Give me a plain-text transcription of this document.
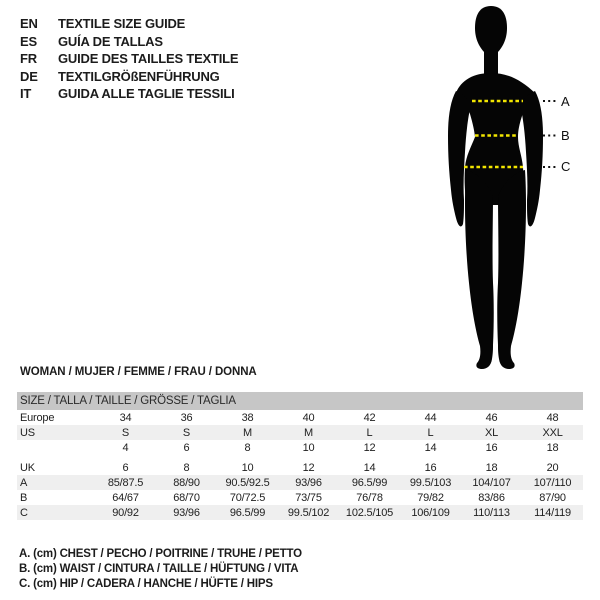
EN	TEXTILE SIZE GUIDE
ES	GUÍA DE TALLAS
FR	GUIDE DES TAILLES TEXTILE
DE	TEXTILGRÖßENFÜHRUNG
IT	GUIDA ALLE TAGLIE TESSILI
A
B
C
WOMAN / MUJER / FEMME / FRAU / DONNA
SIZE / TALLA / TAILLE / GRÖSSE / TAGLIA								
Europe	34	36	38	40	42	44	46	48
US	S	S	M	M	L	L	XL	XXL
	4	6	8	10	12	14	16	18

UK	6	8	10	12	14	16	18	20
A	85/87.5	88/90	90.5/92.5	93/96	96.5/99	99.5/103	104/107	107/110
B	64/67	68/70	70/72.5	73/75	76/78	79/82	83/86	87/90
C	90/92	93/96	96.5/99	99.5/102	102.5/105	106/109	110/113	114/119
A. (cm) CHEST / PECHO / POITRINE / TRUHE / PETTO
B. (cm) WAIST / CINTURA / TAILLE / HÜFTUNG / VITA
C. (cm) HIP / CADERA / HANCHE / HÜFTE / HIPS
